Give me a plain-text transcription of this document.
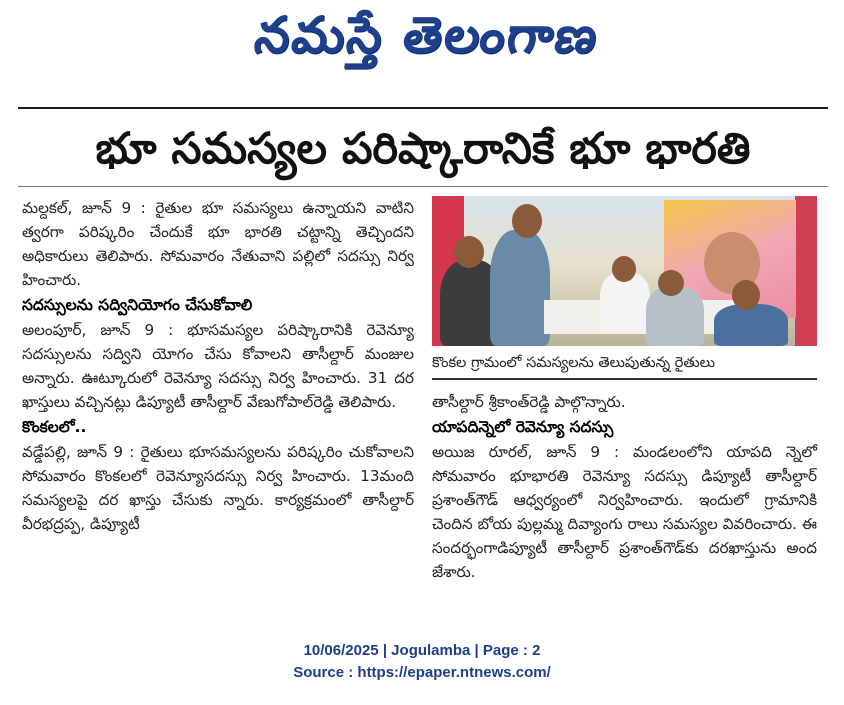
నమస్తే తెలంగాణ
భూ సమస్యల పరిష్కారానికే భూ భారతి

మల్దకల్, జూన్ 9 : రైతుల భూ సమస్యలు ఉన్నాయని వాటిని త్వరగా పరిష్కరిం చేందుకే భూ భారతి చట్టాన్ని తెచ్చిందని అధికారులు తెలిపారు. సోమవారం నేతువాని పల్లిలో సదస్సు నిర్వ హించారు.

సదస్సులను సద్వినియోగం చేసుకోవాలి

అలంపూర్, జూన్ 9 : భూసమస్యల పరిష్కారానికి రెవెన్యూ సదస్సులను సద్విని యోగం చేసు కోవాలని తాసీల్దార్ మంజుల అన్నారు. ఊట్కూరులో రెవెన్యూ సదస్సు నిర్వ హించారు. 31 దర ఖాస్తులు వచ్చినట్లు డిప్యూటీ తాసీల్దార్ వేణుగోపాల్‌రెడ్డి తెలిపారు.

కొంకలలో..

వడ్డేపల్లి, జూన్ 9 : రైతులు భూసమస్యలను పరిష్కరిం చుకోవాలని సోమవారం కొంకలలో రెవెన్యూసదస్సు నిర్వ హించారు. 13మంది సమస్యలపై దర ఖాస్తు చేసుకు న్నారు. కార్యక్రమంలో తాసీల్దార్ వీరభద్రప్ప, డిప్యూటీ

కొంకల గ్రామంలో సమస్యలను తెలుపుతున్న రైతులు

తాసీల్దార్ శ్రీకాంత్‌రెడ్డి పాల్గొన్నారు.

యాపదిన్నెలో రెవెన్యూ సదస్సు

అయిజ రూరల్, జూన్ 9 : మండలంలోని యాపది న్నెలో సోమవారం భూభారతి రెవెన్యూ సదస్సు డిప్యూటీ తాసీల్దార్ ప్రశాంత్‌గౌడ్ ఆధ్వర్యంలో నిర్వహించారు. ఇందులో గ్రామానికి చెందిన బోయ పుల్లమ్మ దివ్యాంగు రాలు సమస్యల వివరించారు. ఈ సందర్భంగాడిప్యూటీ తాసీల్దార్ ప్రశాంత్‌గౌడ్‌కు దరఖాస్తును అంద జేశారు.

10/06/2025 | Jogulamba | Page : 2
Source : https://epaper.ntnews.com/
